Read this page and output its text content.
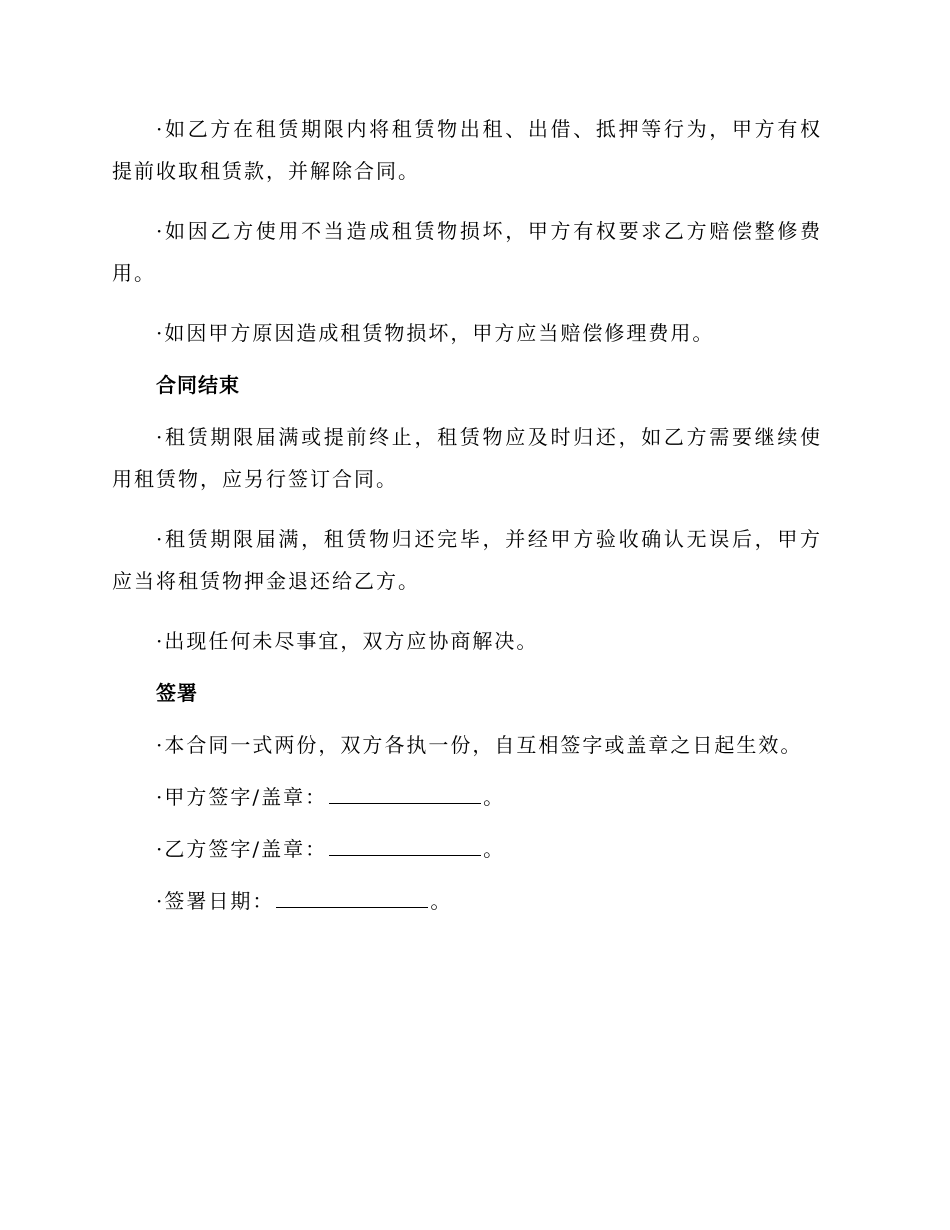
·如乙方在租赁期限内将租赁物出租、出借、抵押等行为，甲方有权提前收取租赁款，并解除合同。

·如因乙方使用不当造成租赁物损坏，甲方有权要求乙方赔偿整修费用。

·如因甲方原因造成租赁物损坏，甲方应当赔偿修理费用。

合同结束

·租赁期限届满或提前终止，租赁物应及时归还，如乙方需要继续使用租赁物，应另行签订合同。

·租赁期限届满，租赁物归还完毕，并经甲方验收确认无误后，甲方应当将租赁物押金退还给乙方。

·出现任何未尽事宜，双方应协商解决。

签署

·本合同一式两份，双方各执一份，自互相签字或盖章之日起生效。

·甲方签字/盖章：	。

·乙方签字/盖章：	。

·签署日期：	。
